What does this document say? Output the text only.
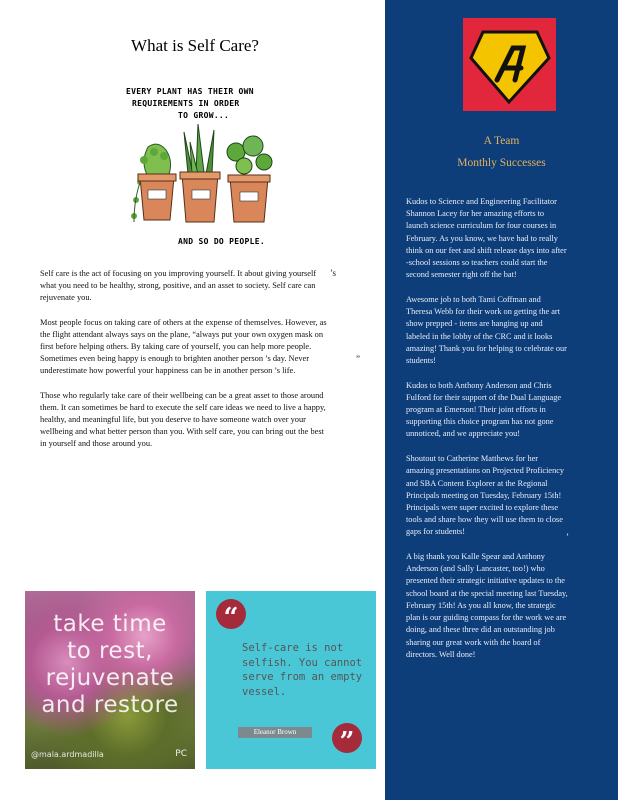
What is Self Care?
EVERY PLANT HAS THEIR OWN
REQUIREMENTS IN ORDER
TO GROW...
AND SO DO PEOPLE.

Self care is the act of focusing on you improving yourself. It about giving yourself what you need to be healthy, strong, positive, and an asset to society. Self care can rejuvenate you.

Most people focus on taking care of others at the expense of themselves. However, as the flight attendant always says on the plane, “always put your own oxygen mask on first before helping others. By taking care of yourself, you can help more people. Sometimes even being happy is enough to brighten another person ’s day. Never underestimate how powerful your happiness can be in another person ’s life.

Those who regularly take care of their wellbeing can be a great asset to those around them. It can sometimes be hard to execute the self care ideas we need to live a happy, healthy, and meaningful life, but you deserve to have someone watch over your wellbeing and what better person than you. With self care, you can bring out the best in yourself and those around you.

’s
”
take time
to rest,
rejuvenate
and restore
@mala.ardmadilla	PC
“
Self-care is not selfish. You cannot serve from an empty vessel.
Eleanor Brown	”
A Team
Monthly Successes

Kudos to Science and Engineering Facilitator Shannon Lacey for her amazing efforts to launch science curriculum for four courses in February. As you know, we have had to really think on our feet and shift release days into after -school sessions so teachers could start the second semester right off the bat!

Awesome job to both Tami Coffman and Theresa Webb for their work on getting the art show prepped - items are hanging up and labeled in the lobby of the CRC and it looks amazing! Thank you for helping to celebrate our students!

Kudos to both Anthony Anderson and Chris Fulford for their support of the Dual Language program at Emerson! Their joint efforts in supporting this choice program has not gone unnoticed, and we appreciate you!

Shoutout to Catherine Matthews for her amazing presentations on Projected Proficiency and SBA Content Explorer at the Regional Principals meeting on Tuesday, February 15th! Principals were super excited to explore these tools and share how they will use them to close gaps for students!

A big thank you Kalle Spear and Anthony Anderson (and Sally Lancaster, too!) who presented their strategic initiative updates to the school board at the special meeting last Tuesday, February 15th! As you all know, the strategic plan is our guiding compass for the work we are doing, and these three did an outstanding job sharing our great work with the board of directors. Well done!

’
